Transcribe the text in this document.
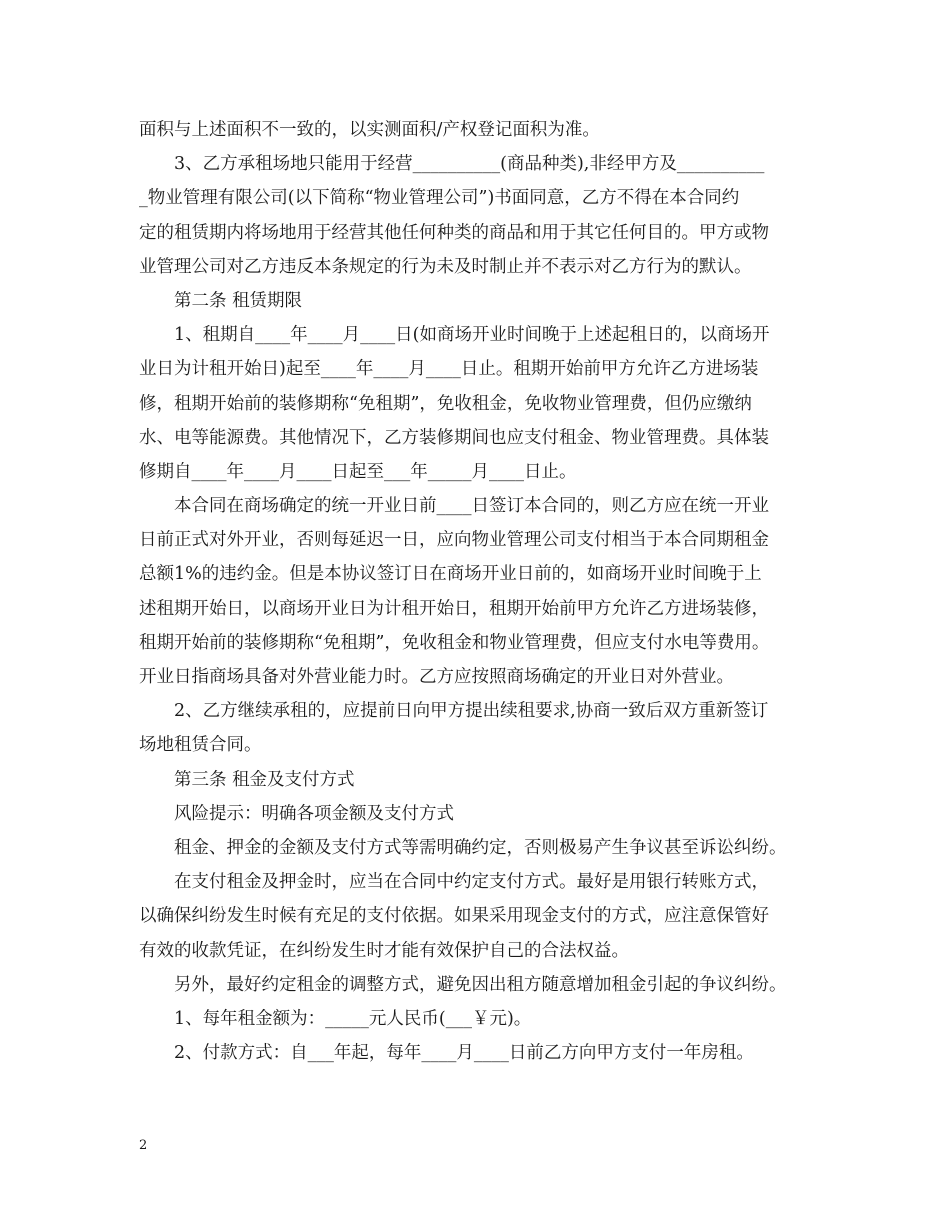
面积与上述面积不一致的，以实测面积/产权登记面积为准。
3、乙方承租场地只能用于经营__________(商品种类),非经甲方及__________
_物业管理有限公司(以下简称“物业管理公司”)书面同意，乙方不得在本合同约
定的租赁期内将场地用于经营其他任何种类的商品和用于其它任何目的。甲方或物
业管理公司对乙方违反本条规定的行为未及时制止并不表示对乙方行为的默认。
第二条 租赁期限
1、租期自____年____月____日(如商场开业时间晚于上述起租日的，以商场开
业日为计租开始日)起至____年____月____日止。租期开始前甲方允许乙方进场装
修，租期开始前的装修期称“免租期”，免收租金，免收物业管理费，但仍应缴纳
水、电等能源费。其他情况下，乙方装修期间也应支付租金、物业管理费。具体装
修期自____年____月____日起至___年_____月____日止。
本合同在商场确定的统一开业日前____日签订本合同的，则乙方应在统一开业
日前正式对外开业，否则每延迟一日，应向物业管理公司支付相当于本合同期租金
总额1%的违约金。但是本协议签订日在商场开业日前的，如商场开业时间晚于上
述租期开始日，以商场开业日为计租开始日，租期开始前甲方允许乙方进场装修，
租期开始前的装修期称“免租期”，免收租金和物业管理费，但应支付水电等费用。
开业日指商场具备对外营业能力时。乙方应按照商场确定的开业日对外营业。
2、乙方继续承租的，应提前日向甲方提出续租要求,协商一致后双方重新签订
场地租赁合同。
第三条 租金及支付方式
风险提示：明确各项金额及支付方式
租金、押金的金额及支付方式等需明确约定，否则极易产生争议甚至诉讼纠纷。
在支付租金及押金时，应当在合同中约定支付方式。最好是用银行转账方式，
以确保纠纷发生时候有充足的支付依据。如果采用现金支付的方式，应注意保管好
有效的收款凭证，在纠纷发生时才能有效保护自己的合法权益。
另外，最好约定租金的调整方式，避免因出租方随意增加租金引起的争议纠纷。
1、每年租金额为：_____元人民币(___￥元)。
2、付款方式：自___年起，每年____月____日前乙方向甲方支付一年房租。
2
